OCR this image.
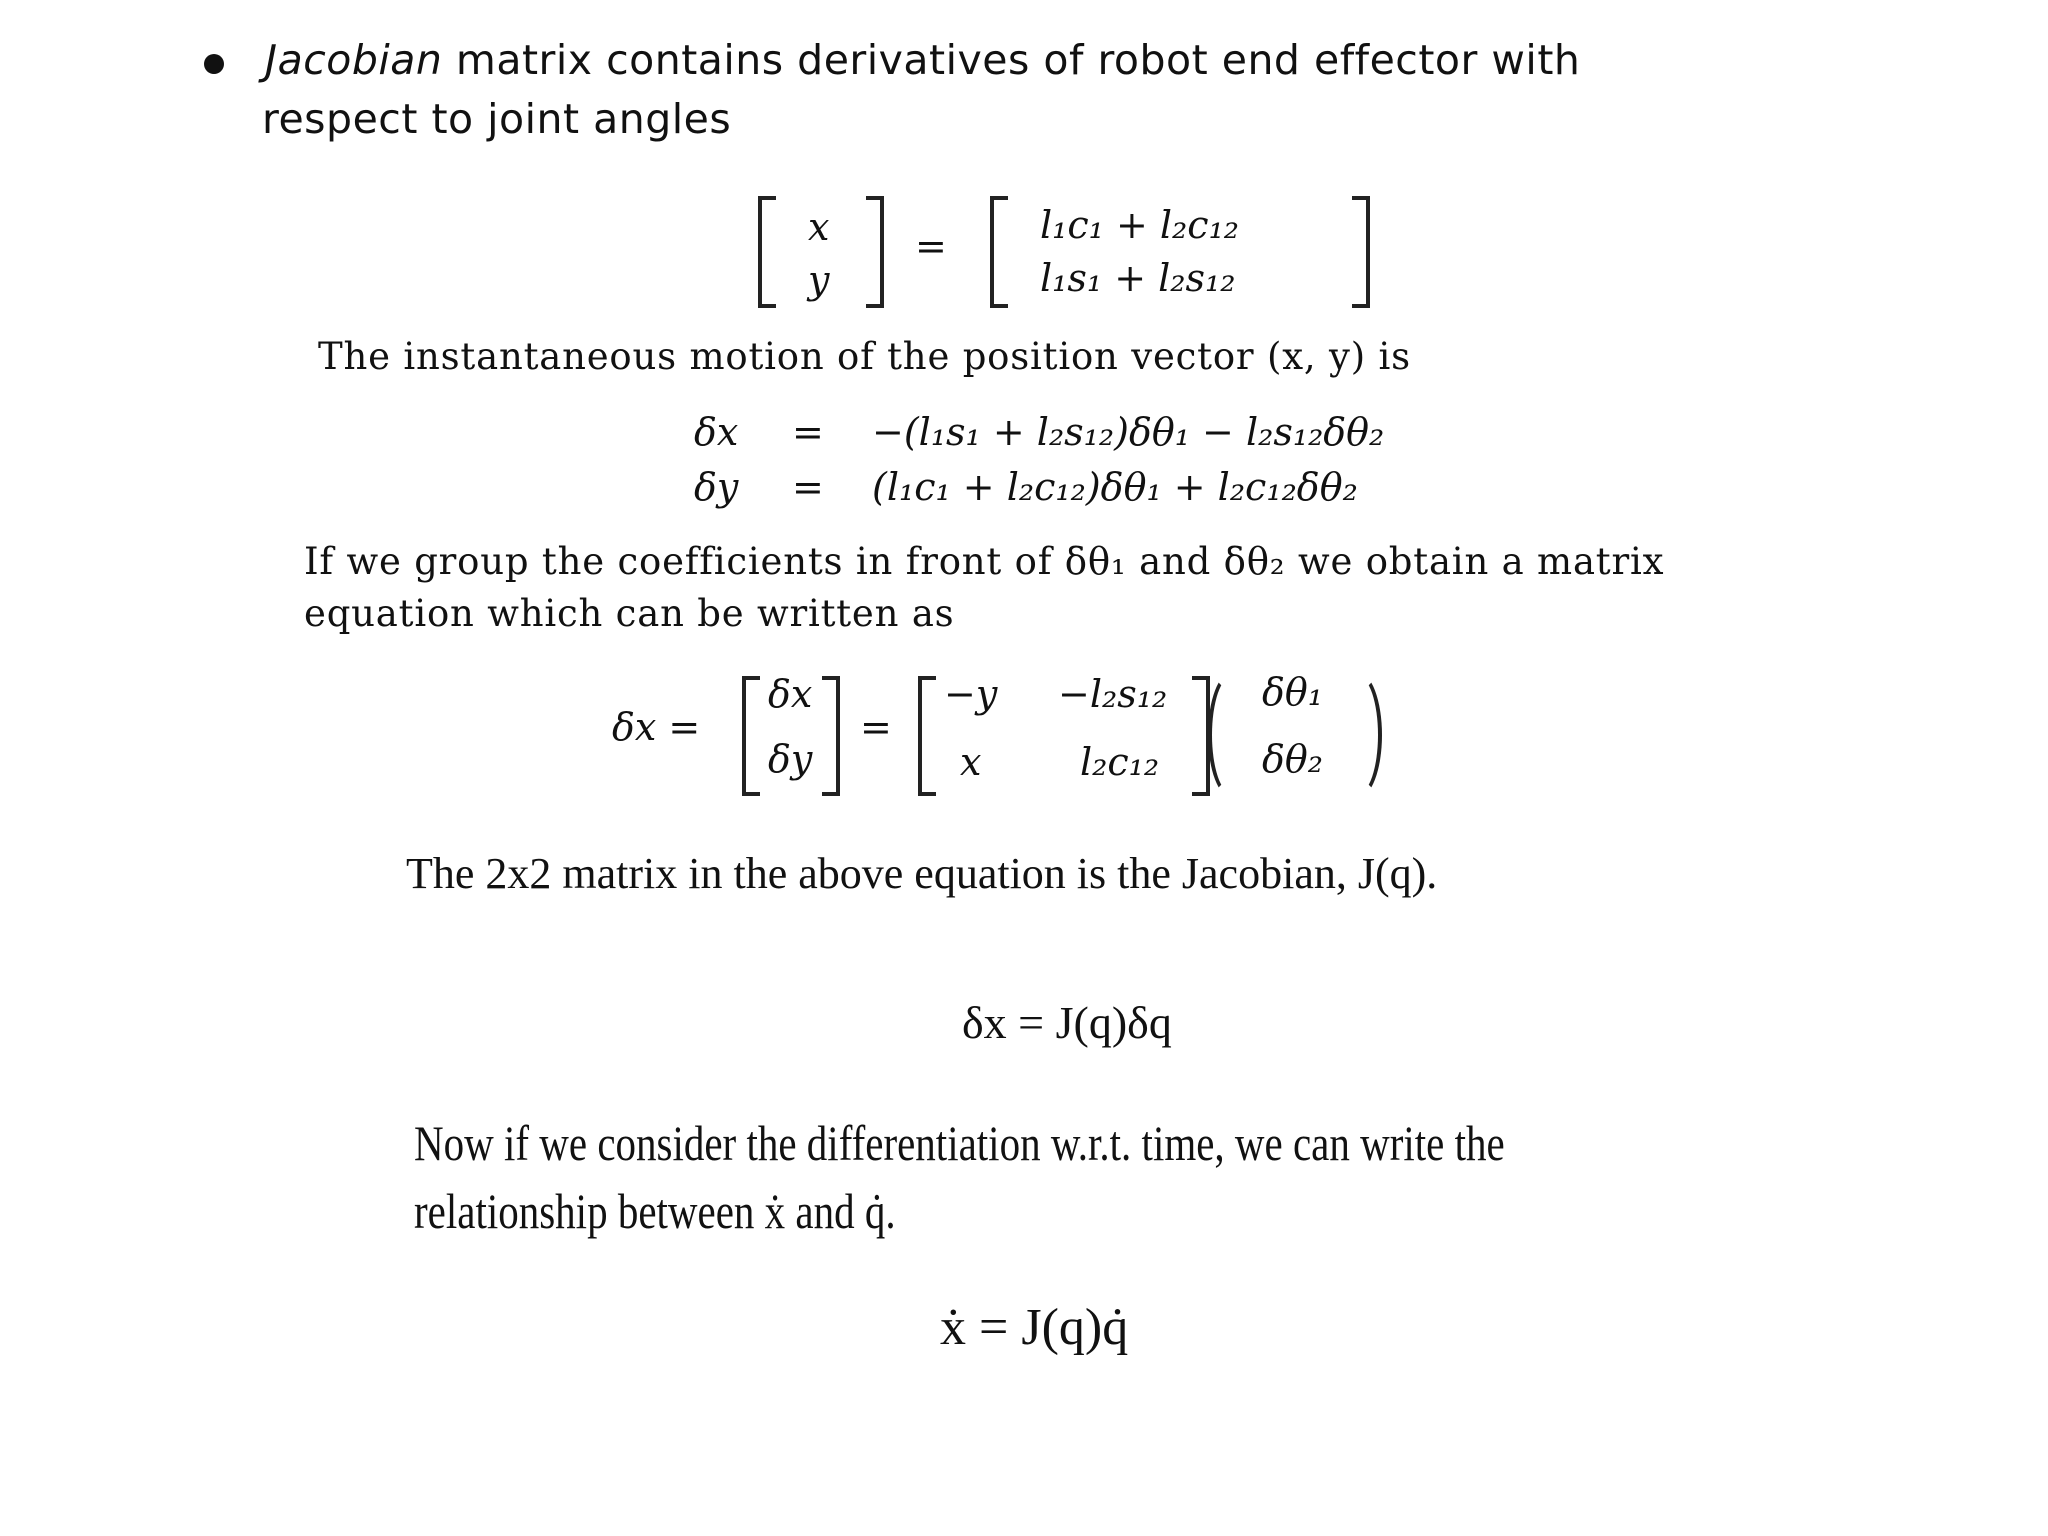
Jacobian matrix contains derivatives of robot end effector with
respect to joint angles
x
y
= l₁c₁ + l₂c₁₂
l₁s₁ + l₂s₁₂
The instantaneous motion of the position vector (x, y) is
δx = −(l₁s₁ + l₂s₁₂)δθ₁ − l₂s₁₂δθ₂
δy = (l₁c₁ + l₂c₁₂)δθ₁ + l₂c₁₂δθ₂
If we group the coefficients in front of δθ₁ and δθ₂ we obtain a matrix
equation which can be written as
δx =
δx
δy
=
−y −l₂s₁₂
x	l₂c₁₂
δθ₁
δθ₂
The 2x2 matrix in the above equation is the Jacobian, J(q).
δx = J(q)δq
Now if we consider the differentiation w.r.t. time, we can write the
relationship between ẋ and q̇.
ẋ = J(q)q̇
